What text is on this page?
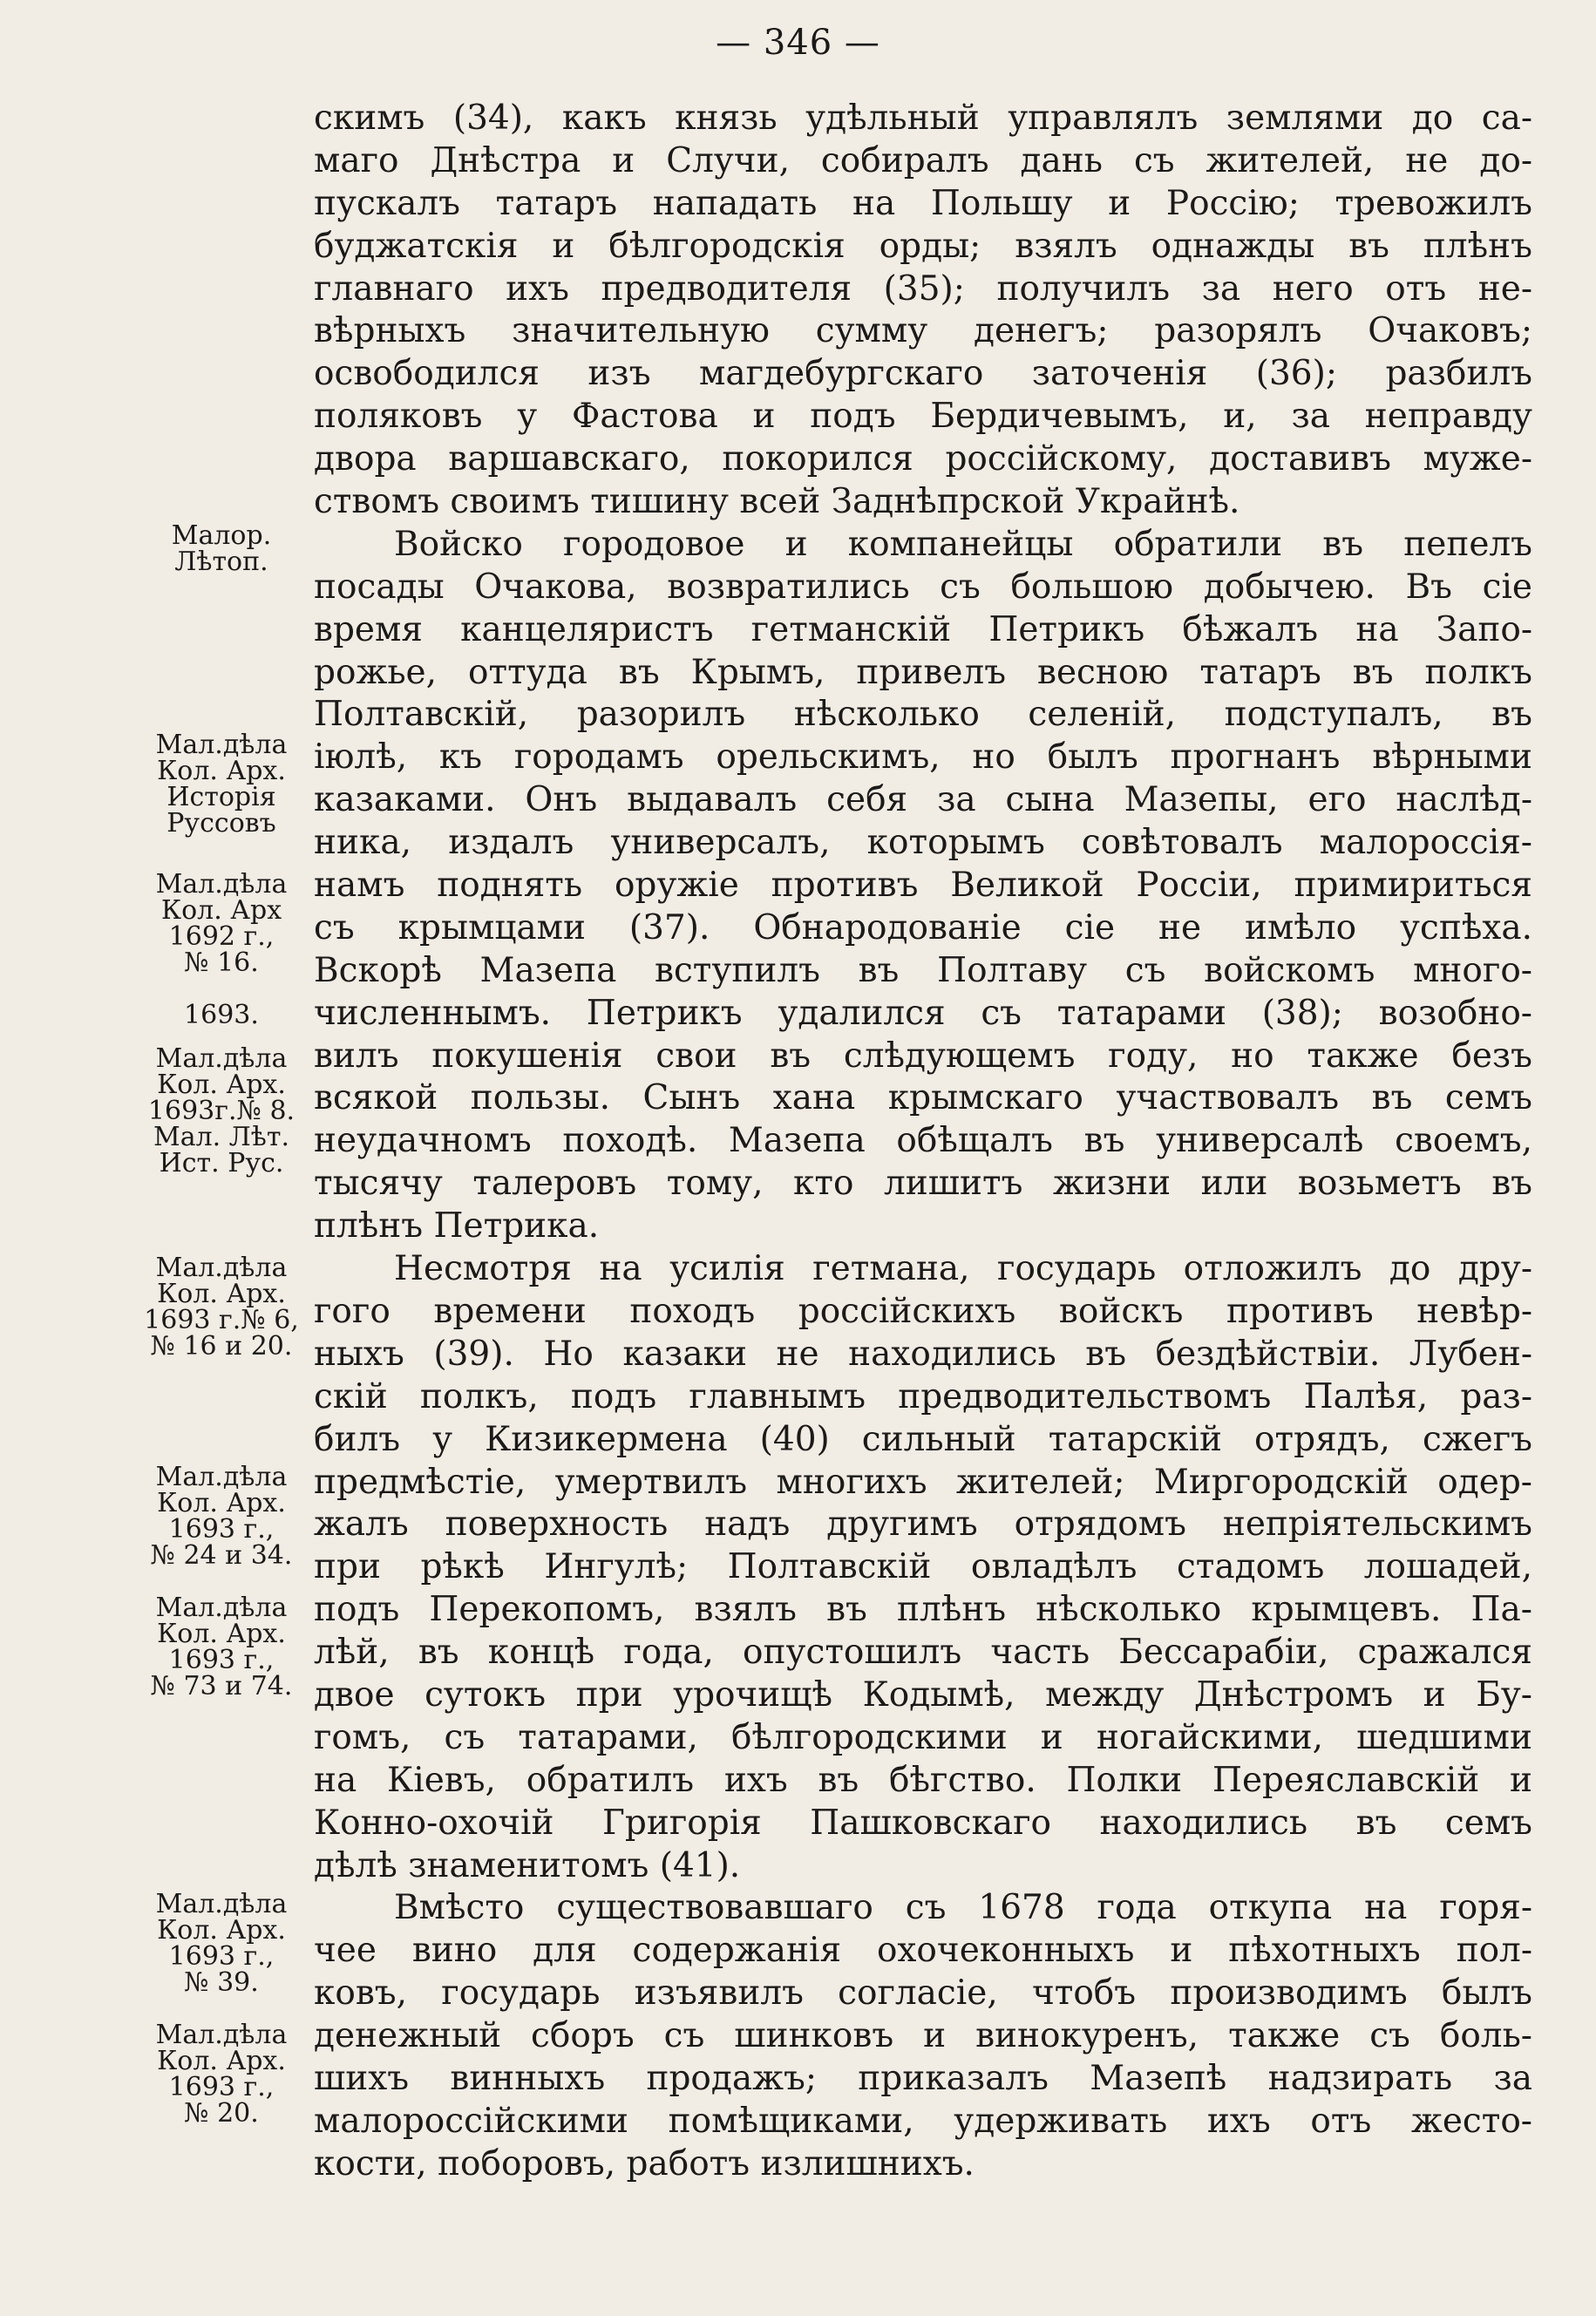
— 346 —
скимъ (34), какъ князь удѣльный управлялъ землями до са-
маго Днѣстра и Случи, собиралъ дань съ жителей, не до-
пускалъ татаръ нападать на Польшу и Россію; тревожилъ
буджатскія и бѣлгородскія орды; взялъ однажды въ плѣнъ
главнаго ихъ предводителя (35); получилъ за него отъ не-
вѣрныхъ значительную сумму денегъ; разорялъ Очаковъ;
освободился изъ магдебургскаго заточенія (36); разбилъ
поляковъ у Фастова и подъ Бердичевымъ, и, за неправду
двора варшавскаго, покорился россійскому, доставивъ муже-
ствомъ своимъ тишину всей Заднѣпрской Украйнѣ.
Войско городовое и компанейцы обратили въ пепелъ
посады Очакова, возвратились съ большою добычею. Въ сіе
время канцеляристъ гетманскій Петрикъ бѣжалъ на Запо-
рожье, оттуда въ Крымъ, привелъ весною татаръ въ полкъ
Полтавскій, разорилъ нѣсколько селеній, подступалъ, въ
іюлѣ, къ городамъ орельскимъ, но былъ прогнанъ вѣрными
казаками. Онъ выдавалъ себя за сына Мазепы, его наслѣд-
ника, издалъ универсалъ, которымъ совѣтовалъ малороссія-
намъ поднять оружіе противъ Великой Россіи, примириться
съ крымцами (37). Обнародованіе сіе не имѣло успѣха.
Вскорѣ Мазепа вступилъ въ Полтаву съ войскомъ много-
численнымъ. Петрикъ удалился съ татарами (38); возобно-
вилъ покушенія свои въ слѣдующемъ году, но также безъ
всякой пользы. Сынъ хана крымскаго участвовалъ въ семъ
неудачномъ походѣ. Мазепа обѣщалъ въ универсалѣ своемъ,
тысячу талеровъ тому, кто лишитъ жизни или возьметъ въ
плѣнъ Петрика.
Несмотря на усилія гетмана, государь отложилъ до дру-
гого времени походъ россійскихъ войскъ противъ невѣр-
ныхъ (39). Но казаки не находились въ бездѣйствіи. Лубен-
скій полкъ, подъ главнымъ предводительствомъ Палѣя, раз-
билъ у Кизикермена (40) сильный татарскій отрядъ, сжегъ
предмѣстіе, умертвилъ многихъ жителей; Миргородскій одер-
жалъ поверхность надъ другимъ отрядомъ непріятельскимъ
при рѣкѣ Ингулѣ; Полтавскій овладѣлъ стадомъ лошадей,
подъ Перекопомъ, взялъ въ плѣнъ нѣсколько крымцевъ. Па-
лѣй, въ концѣ года, опустошилъ часть Бессарабіи, сражался
двое сутокъ при урочищѣ Кодымѣ, между Днѣстромъ и Бу-
гомъ, съ татарами, бѣлгородскими и ногайскими, шедшими
на Кіевъ, обратилъ ихъ въ бѣгство. Полки Переяславскій и
Конно-охочій Григорія Пашковскаго находились въ семъ
дѣлѣ знаменитомъ (41).
Вмѣсто существовавшаго съ 1678 года откупа на горя-
чее вино для содержанія охочеконныхъ и пѣхотныхъ пол-
ковъ, государь изъявилъ согласіе, чтобъ производимъ былъ
денежный сборъ съ шинковъ и винокуренъ, также съ боль-
шихъ винныхъ продажъ; приказалъ Мазепѣ надзирать за
малороссійскими помѣщиками, удерживать ихъ отъ жесто-
кости, поборовъ, работъ излишнихъ.
Малор.
Лѣтоп.
Мал.дѣла
Кол. Арх.
Исторія
Руссовъ
Мал.дѣла
Кол. Арх
1692 г.,
№ 16.
1693.
Мал.дѣла
Кол. Арх.
1693г.№ 8.
Мал. Лѣт.
Ист. Рус.
Мал.дѣла
Кол. Арх.
1693 г.№ 6,
№ 16 и 20.
Мал.дѣла
Кол. Арх.
1693 г.,
№ 24 и 34.
Мал.дѣла
Кол. Арх.
1693 г.,
№ 73 и 74.
Мал.дѣла
Кол. Арх.
1693 г.,
№ 39.
Мал.дѣла
Кол. Арх.
1693 г.,
№ 20.
